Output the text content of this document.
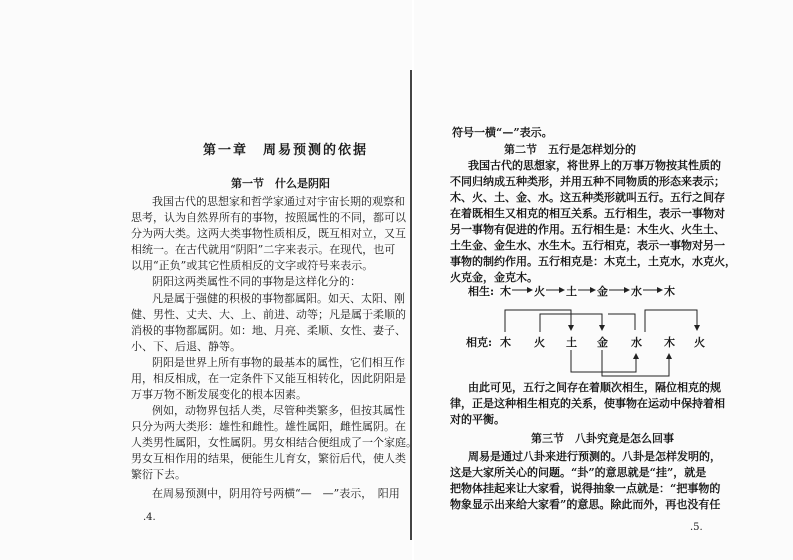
第一章　周易预测的依据
第一节　什么是阴阳
我国古代的思想家和哲学家通过对宇宙长期的观察和
思考，认为自然界所有的事物，按照属性的不同，都可以
分为两大类。这两大类事物性质相反，既互相对立，又互
相统一。在古代就用“阴阳”二字来表示。在现代，也可
以用“正负”或其它性质相反的文字或符号来表示。
阴阳这两类属性不同的事物是这样化分的：
凡是属于强健的积极的事物都属阳。如天、太阳、刚
健、男性、丈夫、大、上、前进、动等；凡是属于柔顺的
消极的事物都属阴。如：地、月亮、柔顺、女性、妻子、
小、下、后退、静等。
阴阳是世界上所有事物的最基本的属性，它们相互作
用，相反相成，在一定条件下又能互相转化，因此阴阳是
万事万物不断发展变化的根本因素。
例如，动物界包括人类，尽管种类繁多，但按其属性
只分为两大类形：雄性和雌性。雄性属阳，雌性属阴。在
人类男性属阳，女性属阴。男女相结合便组成了一个家庭。
男女互相作用的结果，便能生儿育女，繁衍后代，使人类
繁衍下去。
在周易预测中，阴用符号两横“—　—”表示，　阳用
.4.
符号一横“—”表示。
第二节　五行是怎样划分的
我国古代的思想家，将世界上的万事万物按其性质的
不同归纳成五种类形，并用五种不同物质的形态来表示；
木、火、土、金、水。这五种类形就叫五行。五行之间存
在着既相生又相克的相互关系。五行相生，表示一事物对
另一事物有促进的作用。五行相生是：木生火、火生土、
土生金、金生水、水生木。五行相克，表示一事物对另一
事物的制约作用。五行相克是：木克土，土克水，水克火，
火克金，金克木。
相生: 木 火 土 金 水 木
相克: 木 火 土 金 水 木 火
由此可见，五行之间存在着顺次相生，隔位相克的规
律，正是这种相生相克的关系，使事物在运动中保持着相
对的平衡。
第三节　八卦究竟是怎么回事
周易是通过八卦来进行预测的。八卦是怎样发明的，
这是大家所关心的问题。“卦”的意思就是“挂”，就是
把物体挂起来让大家看，说得抽象一点就是：“把事物的
物象显示出来给大家看”的意思。除此而外，再也没有任
.5.
